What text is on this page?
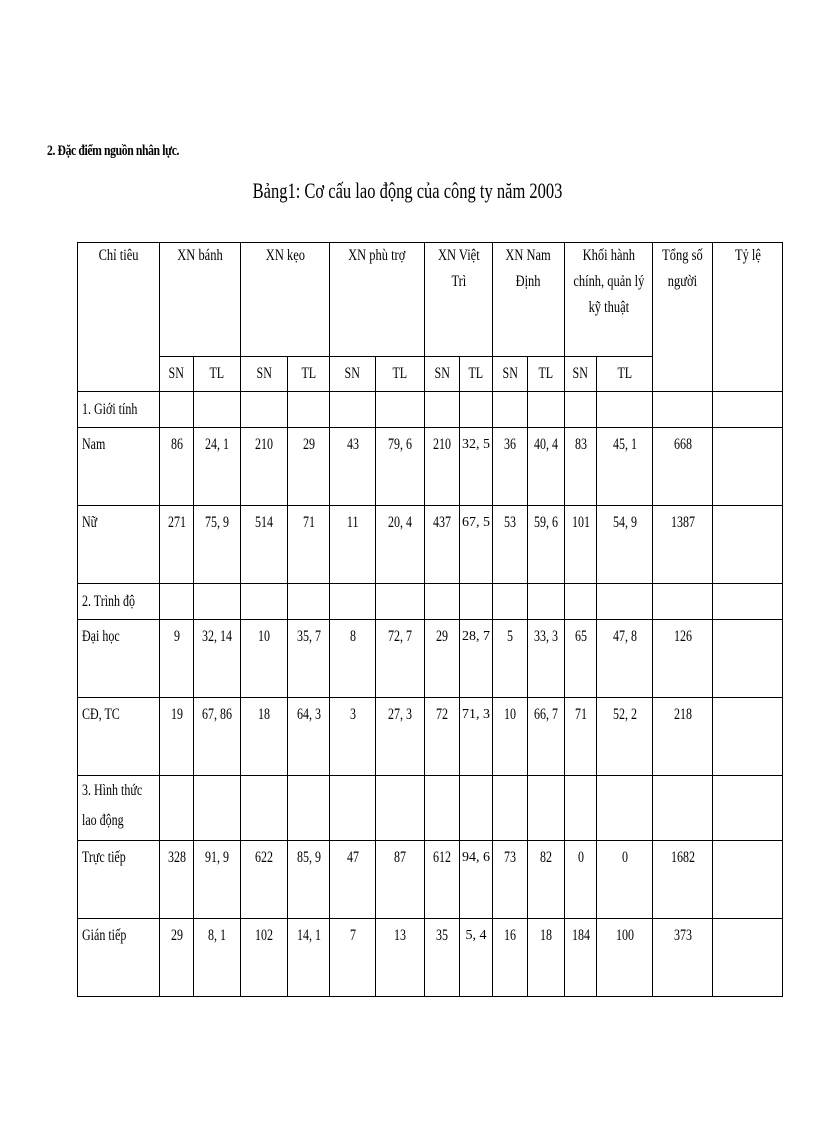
2. Đặc điểm nguồn nhân lực.
Bảng1: Cơ cấu lao động của công ty năm 2003
Chỉ tiêu	XN bánh		XN kẹo		XN phù trợ		XN Việt Trì		XN Nam Định		Khối hành chính, quản lý kỹ thuật		Tổng số người	Tỷ lệ
	SN	TL	SN	TL	SN	TL	SN	TL	SN	TL	SN	TL		
1. Giới tính														
Nam	86	24, 1	210	29	43	79, 6	210	32, 5	36	40, 4	83	45, 1	668	
Nữ	271	75, 9	514	71	11	20, 4	437	67, 5	53	59, 6	101	54, 9	1387	
2. Trình độ														
Đại học	9	32, 14	10	35, 7	8	72, 7	29	28, 7	5	33, 3	65	47, 8	126	
CĐ, TC	19	67, 86	18	64, 3	3	27, 3	72	71, 3	10	66, 7	71	52, 2	218	
3. Hình thức lao động														
Trực tiếp	328	91, 9	622	85, 9	47	87	612	94, 6	73	82	0	0	1682	
Gián tiếp	29	8, 1	102	14, 1	7	13	35	5, 4	16	18	184	100	373	
